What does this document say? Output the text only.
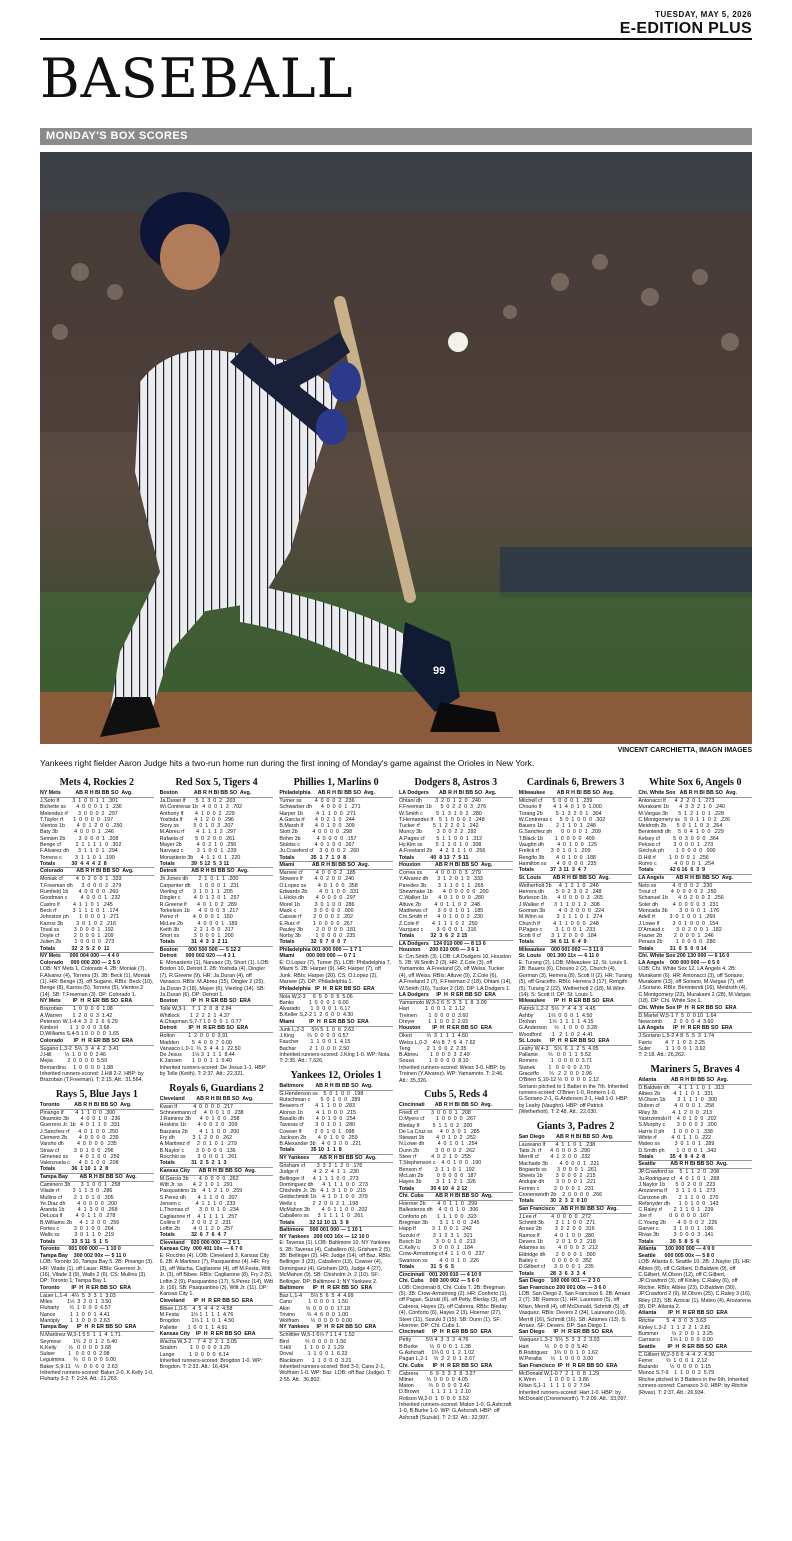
TUESDAY, MAY 5, 2026
E-EDITION PLUS
BASEBALL
MONDAY'S BOX SCORES
99
VINCENT CARCHIETTA, IMAGN IMAGES
Yankees right fielder Aaron Judge hits a two-run home run during the first inning of Monday's game against the Orioles in New York.
Mets 4, Rockies 2
NY Mets          AB R H BI BB SO  Avg.
J.Soto lf         3  1  0  0  1  1  .301
Bichette ss       4  0  0  0  1  1  .236
Melendez rf       3  0  0  0  2  .297
T.Taylor rf       1  0  0  0  0  .197
Vientos 1b        4  0  1  2  0  0  .250
Baty 3b           4  0  0  0  1  .246
Semien 2b         3  0  0  0  1  .208
Benge cf          2  1  1  1  1  0  .302
F.Alvarez dh      3  1  1  0  1  .294
Torrens c         3  1  1  0  1  .199
Totals           30  4  4  4  2  8
Colorado         AB R H BI BB SO  Avg.
Moniak cf         4  0  2  0  0  1  .333
T.Freeman dh      3  0  0  0  2  .279
Rumfield 1b       4  0  0  0  0  .260
Goodman c         4  0  0  0  1  .232
Castro lf         4  1  1  0  1  .245
Beck rf           3  1  1  1  0  1  .174
Johnston ph       1  0  0  0  1  .271
Karros 3b         3  0  1  0  2  .216
Toval ss          3  0  0  0  1  .192
Doyle cf          2  0  0  0  1  .209
Julien 2b         1  0  0  0  0  .273
Totals           32  2  5  2  0  11
NY Mets      000 004 000 — 4 4 0
Colorado     000 000 200 — 2 5 0
LOB: NY Mets 1, Colorado 4. 2B: Moniak (7), F.Alvarez (4), Torrens (3). 3B: Beck (1), Moniak (1). HR: Benge (3), off Sugano. RBIs: Beck (10), Benge (8), Karros (5), Torrens (5), Vientos 2 (14). SB: T.Freeman (3). DP: Colorado 1.
NY Mets        IP  H  R ER BB SO  ERA
Brazoban       1  0  0  0  0  1.08
A.Warren       1  2  0  0  3  1.42
Peterson W,1-4 4  3  2  2  6  6.29
Kimbrel        1  1  0  0  0  3.68
D.Williams S,4-5 1 0  0  0  0  1.65
Colorado       IP  H  R ER BB SO  ERA
Sugano L,3-2  5⅔  3  4  4  2  3.41
J.Hill         ⅓  1  0  0  0  2.46
Mejia          2  0  0  0  0  5.59
Bernardino     1  0  0  0  0  1.88
Inherited runners-scored: J.Hill 2-2. HBP: by Brazoban (T.Freeman). T: 2:15. Att.: 31,564.
Rays 5, Blue Jays 1
Toronto          AB R H BI BB SO  Avg.
Pinango lf        4  1  1  0  0  .300
Okamoto 3b        4  0  0  1  0  .236
Guerrero Jr. 1b   4  0  1  1  0  .331
J.Sanchez rf      4  0  1  0  0  .250
Clement 2b        4  0  0  0  0  .239
Varsho dh         4  0  0  0  0  .235
Straw cf          3  0  1  0  0  .296
Gimenez ss        4  0  1  0  0  .259
Valenzuela c      4  0  1  0  0  .208
Totals           36  1 10  1  2  8
Tampa Bay        AB R H BI BB SO  Avg.
Caminero 3b       3  1  0  0  1  .258
Vilade rf         3  1  1  3  0  .286
Mullins cf        2  1  0  1  0  .305
Ye.Diaz dh        4  0  0  0  0  .200
Aranda 1b         4  1  3  0  0  .268
DeLuca lf         4  0  1  1  0  .278
B.Williams 2b     4  1  2  0  0  .256
Fortes c          3  0  1  0  0  .264
Walls ss          3  0  1  1  0  .219
Totals           33  5 11  5  1  5
Toronto      001 000 000 — 1 10 0
Tampa Bay    300 002 00x — 5 11 0
LOB: Toronto 10, Tampa Bay 5. 2B: Pinango (3). HR: Vilade (1), off Lauer. RBIs: Guerrero Jr. (16), Vilade 3 (9), Walls 2 (6). CS: Mullins (3). DP: Toronto 1; Tampa Bay 1.
Toronto        IP  H  R ER BB SO  ERA
Lauer L,1-4   4⅔  5  3  3  1  3.03
Miles          1⅓  3  2  0  1  3.50
Fluharty       ⅓  1  0  0  0  6.57
Nance          1  1  0  0  1  4.41
Mantiply       1  1  0  0  0  2.63
Tampa Bay      IP  H  R ER BB SO  ERA
N.Martinez W,3-1 5 5  1  1  4  1.71
Seymour        1⅔  2  0  1  2  5.40
K.Kelly        ⅓   0  0  0  0  3.68
Sulser         1   0  0  0  0  2.08
Leguimina      ⅔   0  0  0  0  0.00
Baker S,9-11   ⅓   0  0  0  0  2.63
Inherited runners-scored: Baker 2-0, K.Kelly 1-0, Fluharty 3-2. T: 2:24. Att.: 21,263.
Red Sox 5, Tigers 4
Boston           AB R H BI BB SO  Avg.
Ja.Duran lf       5  1  3  0  2  .203
Wi.Contreras 1b   4  0  0  1  2  .702
Anthony lf        4  1  0  0  2  .229
Yoshida lf        4  1  2  0  0  .296
Story ss          5  0  1  0  3  .207
M.Abreu rf        4  1  1  1  2  .297
Rafaela cf        5  0  2  0  0  .261
Mayer 2b          4  0  2  1  0  .256
Narvaez c         3  1  0  0  1  .239
Monasterio 3b     4  1  1  0  1  .220
Totals           39  5 12  5  3 11
Detroit          AB R H BI BB SO  Avg.
Jh.Jones dh       2  1  0  1  1  .200
Carpenter dh      1  0  0  0  1  .231
Vierling cf       3  1  0  1  1  .205
Dingler c         4  0  1  2  0  1  .257
R.Greene lf       4  0  1  0  2  .289
Torkelson 1b      4  0  0  0  3  .217
Perez rf          4  0  0  0  1  .150
McLee 2b          4  0  0  0  1  .189
Keith 3b          2  2  1  0  0  .317
Short ss          3  0  0  0  1  .200
Totals           31  4  3  3  2 11
Boston       000 500 500 — 5 12 2
Detroit      000 002 020 — 4 3 1
E: Monasterio (1), Narvaez (3), Short (1). LOB: Boston 10, Detroit 3. 2B: Yoshida (4), Dingler (7), R.Greene (9). HR: Ja.Duran (4), off Vanasco. RBIs: M.Abreu (15), Dingler 2 (25), Ja.Duran 3 (18), Mayer (6), Vierling (14). SB: Ja.Duran (6). DP: Detroit 1.
Boston         IP  H  R ER BB SO  ERA
Tolle W,3-1    7  1  2  0  8  2.84
Whitlock       1  2  2  2  1  4.37
A.Chapman S,7-7 1 0  0  0  1  0.77
Detroit        IP  H  R ER BB SO  ERA
Holton         1  2  0  0  0  3.91
Madden         5  4  0  0  7  0.00
Vanasco L,0-1  ⅔  3  4  4  1  22.50
De Jesus       1⅓ 3  1  1  1  8.44
K.Jansen       1  0  0  1  1  5.40
Inherited runners-scored: De Jesus 1-1. HBP: by Tolle (Keith). T: 2:37. Att.: 22,321.
Royals 6, Guardians 2
Cleveland        AB R H BI BB SO  Avg.
Kwan lf           4  0  0  0  0  .217
Schneemann cf     4  0  0  1  0  .238
J.Ramirez 3b      4  0  1  0  0  .258
Hoskins 1b        4  0  0  2  0  .209
Bazzana 2b        4  1  1  0  0  .200
Fry dh            3  1  2  0  0  .262
A.Martinez rf     2  0  1  0  1  .279
B.Naylor c        3  0  0  0  0  .136
Rocchio ss        3  0  0  0  1  .261
Totals           31  2  5  2  1  3
Kansas City      AB R H BI BB SO  Avg.
M.Garcia 3b       4  0  0  0  0  .262
Witt Jr. ss       4  2  1  0  1  .291
Pasquantino 1b    4  1  2  1  0  .259
S.Perez dh        4  1  1  0  0  .207
Jensen c          4  1  1  1  0  .233
L.Thomas cf       3  0  0  1  0  .234
Cagliarone rf     4  1  1  1  1  .257
Collins lf        2  0  0  2  2  .231
Loftin 2b         4  0  1  2  0  .257
Totals           32  6  7  6  4  7
Cleveland    020 000 000 — 2 5 1
Kansas City  000 401 10x — 6 7 0
E: Rocchio (4). LOB: Cleveland 3, Kansas City 6. 2B: A.Martinez (7), Pasquantino (4). HR: Fry (3), off Wacha, Cagliarone (4), off M.Festa, Witt Jr. (3), off Bibee. RBIs: Cagliarone (8), Fry 2 (5), Loftin 2 (9), Pasquantino (17), S.Perez (14), Witt Jr. (16). SB: Pasquantino (3), Witt Jr. (11). DP: Kansas City 1.
Cleveland      IP  H  R ER BB SO  ERA
Bibee L,0-5    4  5  4  4  2  4.58
M.Festa        1⅔ 1  1  1  1  4.76
Brogdon        1⅓ 1  1  0  1  4.50
Pallette       1  0  0  1  1  4.91
Kansas City    IP  H  R ER BB SO  ERA
Wacha W,3-2    7  4  2  2  1  3.05
Strahm         1  0  0  0  0  3.29
Lange          1  0  0  0  0  6.14
Inherited runners-scored: Brogdon 1-0. WP: Brogdon. T: 2:33. Att.: 16,434.
Phillies 1, Marlins 0
Philadelphia     AB R H BI BB SO  Avg.
Turner ss         4  0  0  0  2  .236
Schwarber dh      4  0  0  0  1  .271
Harper 1b         4  1  1  0  0  .271
A.Garcia rf       4  0  2  1  0  .244
B.Marsh lf        4  0  1  0  0  .309
Stott 2b          4  0  0  0  0  .298
Bohm 3b           4  0  0  0  0  .157
Stubbs c          4  0  1  0  0  .267
Ju.Crawford cf    3  0  0  0  2  .260
Totals           35  1  7  1  0  8
Miami            AB R H BI BB SO  Avg.
Marsee cf         4  0  0  0  2  .185
Stowers lf        4  0  2  0  0  .240
O.Lopez ss        4  0  1  0  0  .358
Edwards 2b        4  0  1  0  0  .331
L.Hicks dh        4  0  0  0  0  .297
Morel 1b          3  0  1  0  0  .286
Mack c            3  0  0  0  0  .000
Caissie rf        2  0  0  0  2  .202
E.Ruiz rf         1  0  0  0  0  .267
Pauley 3b         2  0  0  0  0  .181
Norby 3b          1  0  0  0  0  .235
Totals           32  0  7  0  0  7
Philadelphia 001 000 000 — 1 7 1
Miami        000 000 000 — 0 7 1
E: O.Lopez (7), Turner (5). LOB: Philadelphia 7, Miami 5. 2B: Harper (9). HR: Harper (7), off Junk. RBIs: Harper (20). CS: O.Lopez (2), Marsee (2). DP: Philadelphia 1.
Philadelphia   IP  H  R ER BB SO  ERA
Nola W,2-3     6  5  0  0  5  5.06
Banks          1  0  0  0  1  6.00
Alvarado       1  0  0  0  1  6.17
B.Keller S,2-2 1  2  0  0  0  4.30
Miami          IP  H  R ER BB SO  ERA
Junk L,2-3     5⅔ 5  1  0  6  2.62
J.King         ⅔  0  0  0  0  0.57
Faucher        1  1  0  0  1  4.15
Bachar         2  1  0  0  0  2.50
Inherited runners-scored: J.King 1-0. WP: Nola. T: 2:35. Att.: 7,626.
Yankees 12, Orioles 1
Baltimore        AB R H BI BB SO  Avg.
G.Henderson ss    5  0  1  0  0  .198
Rutschman c       5  0  1  0  0  .289
Beavers rf        4  1  1  0  0  .283
Alonso 1b         4  1  0  0  0  .215
Basallo dh        4  0  1  0  0  .254
Taveras cf        3  0  1  0  1  .280
Cowser lf         2  0  1  0  1  .098
Jackson 2b        4  0  1  0  0  .259
B.Alexander 3b    4  0  3  0  0  .221
Totals           35 10  1  1  8
NY Yankees       AB R H BI BB SO  Avg.
Grisham cf        3  3  2  1  2  0  .176
Judge rf          4  2  2  4  1  1  .230
Bellinger lf      4  1  1  1  0  0  .273
Dominguez dh      4  1  1  1  0  0  .273
Chisholm Jr. 2b   4  1  3  1  0  0  .215
Goldschmidt 1b    4  1  0  1  0  0  .379
Wells c           2  2  0  0  2  1  .198
McMahon 3b        4  0  1  1  0  0  .202
Caballero ss      3  1  1  1  1  0  .261
Totals          32 12 10 11  3  8
Baltimore    000 001 000 — 1 10 1
NY Yankees   200 003 16x — 12 10 0
E: Taveras (1). LOB: Baltimore 10, NY Yankees 5. 2B: Taveras (4), Caballero (6), Grisham 2 (5). 3B: Bellinger (2). HR: Judge (14), off Baz. RBIs: Bellinger 3 (23), Caballero (13), Cowser (4), Dominguez (4), Grisham (20), Judge 4 (27), McMahon (9). SB: Chisholm Jr. 2 (10). SF: Bellinger. DP: Baltimore 1; NY Yankees 2.
Baltimore      IP  H  R ER BB SO  ERA
Baz L,1-4      5⅓ 5  6  5  4  4.99
Cano           1  0  0  0  1  1.50
Akin           ⅔  0  0  0  0  17.18
Trivino        ⅔  4  6  0  0  1.00
Wolfram        ⅓  0  0  0  0  0.00
NY Yankees     IP  H  R ER BB SO  ERA
Schlittler W,5-1 6⅓ 7 1 1 4  1.52
Bird           ⅔  0  0  0  0  1.56
T.Hill         1  1  0  0  2  1.29
Doval          1  1  0  0  1  6.23
Blackburn      1  1  0  0  0  3.21
Inherited runners-scored: Bird 3-0, Cano 2-1, Wolfram 1-0. WP: Baz. LOB: off Baz (Judge). T: 2:55. Att.: 36,802.
Dodgers 8, Astros 3
LA Dodgers       AB R H BI BB SO  Avg.
Ohtani dh         3  2  0  1  2  0  .240
F.Freeman 1b      5  0  2  2  0  3  .276
W.Smith c         5  1  3  1  0  2  .280
T.Hernandez lf    5  1  0  0  0  2  .248
Tucker rf         5  1  2  2  0  1  .242
Muncy 3b          3  0  0  2  2  .292
A.Pages cf        5  1  1  0  0  1  .312
Hy.Kim ss         5  1  1  0  1  0  .308
A.Freeland 2b     4  2  3  1  1  0  .256
Totals           40  8 13  7  5 11
Houston          AB R H BI BB SO  Avg.
Correa ss         4  0  0  0  0  3  .279
Y.Alvarez dh      3  1  2  0  1  0  .333
Paredes 3b        3  1  1  0  1  1  .265
Shewmake 1b       4  0  0  0  0  0  .200
C.Walker 1b       4  0  1  0  0  0  .280
Altuve 2b         4  0  1  1  0  2  .248
Matthews cf       3  0  0  1  0  1  .185
Cm.Smith rf       4  0  1  0  0  2  .230
Z.Cole lf         4  1  1  1  0  2  .250
Vazquez c         3  0  0  0  1  .316
Totals           32  3  6  2  2 15
LA Dodgers   124 010 000 — 8 13 0
Houston      200 010 000 — 3 6 1
E: Cm.Smith (3). LOB: LA Dodgers 10, Houston 5. 2B: W.Smith 2 (3). HR: Z.Cole (3), off Yamamoto, A.Freeland (2), off Weiss, Tucker (4), off Weiss. RBIs: Altuve (9), Z.Cole (6), A.Freeland 2 (7), F.Freeman 2 (18), Ohtani (14), W.Smith (16), Tucker 2 (18). DP: LA Dodgers 1.
LA Dodgers     IP  H  R ER BB SO  ERA
Yamamoto W,3-2 6  5  3  3  1  8  3.09
Hart           1  0  0  1  2  1.12
Treinen        1  0  0  0  0  3.60
Dreyer         1  1  0  0  2  2.93
Houston        IP  H  R ER BB SO  ERA
Okert          ⅔  3  1  1  1  4.60
Weiss L,0-3    4⅓ 8  7  6  4  7.62
Teng           2  1  0  0  2  2.35
B.Abreu        1  0  0  0  3  2.49
Sousa          1  0  0  0  0  8.10
Inherited runners-scored: Weiss 3-0. HBP: by Treinen (Y.Alvarez). WP: Yamamoto. T: 2:46. Att.: 35,326.
Cubs 5, Reds 4
Cincinnati       AB R H BI BB SO  Avg.
Friedl cf         3  0  0  0  1  .208
D.Myers cf        1  0  0  0  0  .267
Bleday lf         5  1  1  0  2  .200
De La Cruz ss     4  0  3  0  1  .285
Stewart 1b        4  0  1  0  2  .252
N.Lowe dh         4  0  1  0  1  .254
Dunn 2b           3  0  0  0  2  .262
Steer rf          4  0  2  1  0  .255
T.Stephenson c    4  0  1  0  0  .190
Benson rf         3  1  1  0  1  .192
McLain 2b         0  0  0  0  0  .187
Hayes 3b          3  1  1  2  1  .326
Totals           35 4 10  4  2 12
Chi. Cubs        AB R H BI BB SO  Avg.
Hoerner 2b        4  0  1  1  0  .299
Ballesteros dh    4  0  0  1  0  .306
Conforto ph       1  1  1  0  0  .323
Bregman 3b        3  1  1  0  0  .245
Happ lf           3  1  0  0  1  .242
Suzuki rf         3  1  2  3  1  .321
Busch 1b          3  0  0  1  0  .213
C.Kelly c         3  0  0  0  1  .184
Crow-Armstrong cf 4  1  1  0  0  .237
Swanson ss        4  0  0  1  0  .226
Totals           31  5  6  5
Cincinnati   001 200 010 — 4 10 0
Chi. Cubs    000 300 002 — 5 6 0
LOB: Cincinnati 8, Chi. Cubs 7. 2B: Bregman (5). 3B: Crow-Armstrong (2). HR: Conforto (1), off Pagan, Suzuki (6), off Petty, Bleday (3), off Cabrera, Hayes (2), off Cabrera. RBIs: Bleday (4), Conforto (6), Hayes 2 (3), Hoerner (27), Steer (11), Suzuki 3 (15). SB: Dunn (1). SF: Hoerner. DP: Chi. Cubs 1.
Cincinnati     IP  H  R ER BB SO  ERA
Petty          5⅔ 4  3  3  2  4.76
B.Burke        ⅓  0  0  0  1  1.38
G.Ashcraft     1⅔ 0  0  1  2  1.02
Pagan L,2-1    ⅔  2  2  0  1  2.67
Chi. Cubs      IP  H  R ER BB SO  ERA
Cabrera        6  9  3  3  2  8  3.27
Milner         ⅔  0  0  0  0  4.05
Maton          ⅓  0  0  0  0  2.42
D.Brown        1  1  1  1  1  2.10
Rolison W,2-0  1  0  0  0  3.52
Inherited runners-scored: Maton 1-0, G.Ashcraft 1-0, B.Burke 1-0. WP: G.Ashcraft. HBP: off Ashcraft (Suzuki). T: 2:32. Att.: 32,997.
Cardinals 6, Brewers 3
Milwaukee        AB R H BI BB SO  Avg.
Mitchell cf       5  0  0  0  1  .239
Chourio lf        4  1  4  0  1  0  1.000
Turang 2b         5  1  3  2  0  1  .304
W.Contreras c     5  0  1  0  0  0  .302
Bauers 1b         2  1  1  0  1  .248
G.Sanchez ph      0  0  0  0  1  .209
T.Black 1b        1  0  0  0  0  .409
Vaughn dh         4  0  1  0  0  .125
Frelick rf        3  0  1  0  1  .209
Rengifo 3b        4  0  1  0  0  .188
Hamilton ss       4  0  0  0  0  .235
Totals           37  3 11  3  4  7
St. Louis        AB R H BI BB SO  Avg.
Wetherholt 2b     4  1  2  1  0  .246
Herrera dh        5  0  2  3  0  2  .248
Burleson 1b       4  0  0  0  0  3  .265
J.Walker rf       3  1  1  0  1  2  .308
Gorman 3b         4  0  2  0  0  0  .224
M.Winn ss         3  1  1  1  0  1  .274
Church lf         4  1  1  0  0  0  .248
P.Pages c         3  1  0  0  1  .233
Scott II cf       3  1  2  0  0  0  .184
Totals           34  6 11  6  4  9
Milwaukee    000 001 002 — 3 11 0
St. Louis    001 300 11x — 6 11 0
E: Turang (2). LOB: Milwaukee 12, St. Louis 9. 2B: Bauers (6), Chourio 2 (2), Church (4), Gorman (3), Herrera (8), Scott II (2). HR: Turang (5), off Graceffo. RBIs: Herrera 3 (17), Rengifo (5), Turang 2 (22), Wetherholt 2 (18), M.Winn (14). S: Scott II. DP: St. Louis 1.
Milwaukee      IP  H  R ER BB SO  ERA
Patrick L,2-2  5⅓  7  4  4  3  4.45
Ashby          1⅔  0  0  0  1  4.50
Drohan         1⅓  1  1  1  1  4.15
G.Anderson     ⅔   1  0  0  0  3.28
Woodford       1   2  1  0  2  4.41
St. Louis      IP  H  R ER BB SO  ERA
Leahy W,4-3    5⅔  6  1  2  5  4.05
Pallante       ⅔   0  0  1  1  5.52
Romero         1   0  0  0  0  3.71
Stanek         1   0  0  0  0  2.70
Graceffo       ⅔   2  2  0  0  2.96
O'Brien S,10-12 ⅓  0  0  0  0  2.12
Soriano pitched to 1 Batter in the 7th. Inherited runners-scored: O'Brien 1-0, Romero 1-0, G.Soriano 2-1, G.Anderson 2-1, Hall 1-0. HBP: by Leahy (Vaughn). HBP: off Patrick (Wetherholt). T: 2:48. Att.: 22,030.
Giants 3, Padres 2
San Diego        AB R H BI BB SO  Avg.
Laureano lf       4  1  1  0  1  .238
Tatis Jr. rf      4  0  0  0  3  .290
Merrill cf        4  1  2  0  0  .232
Machado 3b        4  0  0  0  1  .221
Bogaerts ss       3  0  0  0  1  .261
Sheets 1b         3  0  0  0  2  .215
Andujar dh        3  0  0  0  1  .221
Fermin c          2  0  0  0  1  .231
Cronenworth 2b    2  0  0  0  0  .266
Totals           30  2  3  2  0 10
San Francisco    AB R H BI BB SO  Avg.
J.Lee rf          4  0  0  0  0  .272
Schmitt 3b        3  1  1  0  0  .271
Arraez 2b         3  2  2  0  0  .316
Ramos lf          4  0  1  0  0  .280
Devers 1b         2  0  1  0  2  .218
Adames ss         4  0  0  0  3  .212
Eldridge dh       2  0  0  0  1  .000
Bailey c          0  0  0  0  0  .352
D.Gilbert cf      3  0  0  0  1  .235
Totals           28  3  6  3  3  4
San Diego    100 000 001 — 2 3 0
San Francisco 200 001 00x — 3 6 0
LOB: San Diego 2, San Francisco 6. 2B: Arraez 2 (7). 3B: Ramos (1). HR: Laureano (5), off Kilian, Merrill (4), off McDonald, Schmitt (5), off Vasquez. RBIs: Devers 2 (34), Laureano (19), Merrill (16), Schmitt (16). SB: Adames (13). S: Arraez. SF: Devers. DP: San Diego 1.
San Diego      IP  H  R ER BB SO  ERA
Vasquez L,3-1  5⅔  5  3  3  2  3.03
Hart           ⅓   0  0  0  0  5.40
B.Rodriguez    1⅔  0  0  1  0  1.62
W.Peralta      ⅓   1  0  0  0  3.00
San Francisco  IP  H  R ER BB SO  ERA
McDonald W,1-0 7  2  1  0  8  1.29
K.Winn         1  0  0  0  1  3.86
Kilian S,1-1   1  1  1  0  2  7.94
Inherited runners-scored: Hart 1-0. HBP: by McDonald (Cronenworth). T: 2:09. Att.: 33,097.
White Sox 6, Angels 0
Chi. White Sox   AB R H BI BB SO  Avg.
Antonacci lf      4  2  2  0  1  .273
Murakami 1b       4  3  3  2  1  0  .240
M.Vargas 3b       5  1  2  1  0  1  .228
C.Montgomery ss   5  0  1  1  0  2  .226
Meidroth 2b       5  0  1  1  0  3  .264
Benintendi dh     5  0  4  1  0  0  .229
Kelsey cf         5  0  3  0  0  0  .364
Peluso cf         3  0  0  0  1  .273
Grichuk ph        1  0  0  0  0  .000
D.Hill rf         1  0  0  0  1  .256
Romo c            4  0  0  0  1  .254
Totals           42 6 16  6  3  9
LA Angels        AB R H BI BB SO  Avg.
Neto ss           4  0  0  0  2  .230
Trout cf          4  0  0  0  0  2  .250
Schanuel 1b       4  0  2  0  0  2  .256
Soler dh          4  0  0  0  0  3  .231
Moncada 3b        3  0  0  0  1  .176
Adell rf          3  0  1  0  0  1  .269
J.Lowe lf         3  0  1  0  0  0  .154
D'Arnaud c        3  0  2  0  0  1  .182
Frazier 2b        2  0  0  0  1  .246
Peraza 2b         1  0  0  0  0  .280
Totals           31  0  5  0  0 14
Chi. White Sox 200 130 000 — 6 16 0
LA Angels    000 000 000 — 0 5 0
LOB: Chi. White Sox 12, LA Angels 4. 2B: Murakami (6). HR: Antonacci (3), off Soriano, Murakami (13), off Soriano, M.Vargas (7), off J.Soriano. RBIs: Benintendi (16), Meidroth (4), C.Montgomery (23), Murakami 2 (28), M.Vargas (18). DP: Chi. White Sox 1.
Chi. White Sox IP  H  R ER BB SO  ERA
D.Martel W,5-1 7  5  0  0 10  1.64
Newcomb        2  0  0  0  4  3.60
LA Angels      IP  H  R ER BB SO  ERA
J.Soriano L,5-2 4 8  5  5  3  1.74
Farris         4  7  1  0  3  2.25
Suter          1  1  0  0  1  3.92
T: 2:18. Att.: 26,262.
Mariners 5, Braves 4
Atlanta          AB R H BI BB SO  Avg.
D.Baldwin dh      4  1  1  1  0  1  .313
Albies 2b         4  1  1  0  1  .331
M.Olson 1b        3  1  1  1  0  .300
Dubon cf          4  0  0  0  1  .258
Riley 3b          4  1  2  0  0  .213
Yastrzemski lf    4  0  1  0  0  .202
S.Murphy c        3  0  0  0  2  .200
Harris II ph      1  0  0  0  1  .338
White rf          4  0  1  1  0  .222
Mateo ss          3  0  1  0  1  .289
D.Smith ph        1  0  0  0  1  .343
Totals           35  4  9  4  2  8
Seattle          AB R H BI BB SO  Avg.
JP.Crawford ss    5  1  1  2  0  .208
Ju.Rodriguez cf   4  0  1  0  1  .268
J.Naylor 1b       5  0  2  0  0  .223
Arozarena lf      3  1  1  0  1  .273
Canzone dh        2  1  1  0  0  .270
Refsnyder dh      1  0  1  0  0  .143
C.Raley rf        2  1  1  0  1  .239
Joe rf            0  0  0  0  0  .167
C.Young 2b        4  0  0  0  2  .226
Garver c          3  1  0  0  1  .186
Rivas 3b          3  0  0  0  3  .141
Totals           30  5  8  5  6
Atlanta      100 000 000 — 4 9 0
Seattle      000 005 00x — 5 8 0
LOB: Atlanta 6, Seattle 10. 2B: J.Naylor (3). HR: Albies (8), off C.Gilbert, D.Baldwin (9), off C.Gilbert, M.Olson (12), off C.Gilbert, JP.Crawford (3), off Kinley. C.Raley (6), off Ritchie. RBIs: Albies (23), D.Baldwin (30), JP.Crawford 2 (9), M.Olson (25), C.Raley 3 (16), Riley (22). SB: Azocar (1), Mateo (4), Arozarena (8). DP: Atlanta 2.
Atlanta        IP  H  R ER BB SO  ERA
Ritchie        5  4  3  0  3  3.63
Kinley L,3-2   1  1  2  2  1  2.81
Bummer         ⅔  2  0  0  1  3.25
Carrasco       1⅓ 1  0  0  0  0.00
Seattle        IP  H  R ER BB SO  ERA
C.Gilbert W,2-3 6 6  4  4  2  4.30
Ferrer         ⅔  1  0  0  1  2.12
Bazardo        ⅓  0  0  0  0  1.15
Munoz S,7-9    1  1  0  0  2  5.79
Ritchie pitched to 3 Batters in the 6th. Inherited runners-scored: Carrasco 3-0. HBP: by Ritchie (Rivas). T: 2:37. Att.: 26,934.
